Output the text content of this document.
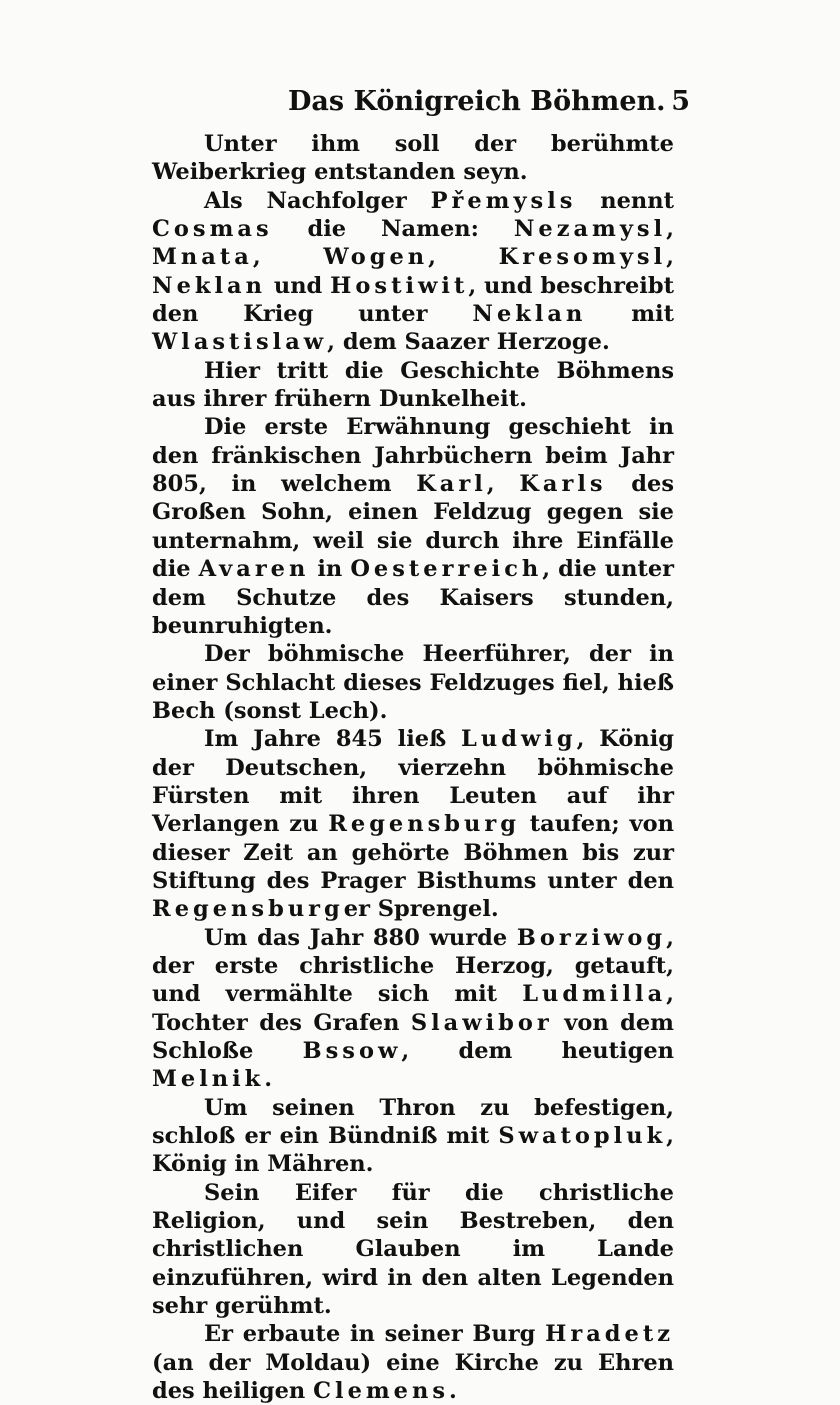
Das Königreich Böhmen. 5

Unter ihm soll der berühmte Weiberkrieg entstanden seyn.

Als Nachfolger Přemysls nennt Cosmas die Namen: Nezamysl, Mnata, Wogen, Kresomysl, Neklan und Hostiwit, und beschreibt den Krieg unter Neklan mit Wlastislaw, dem Saazer Herzoge.

Hier tritt die Geschichte Böhmens aus ihrer frühern Dunkelheit.

Die erste Erwähnung geschieht in den fränkischen Jahrbüchern beim Jahr 805, in welchem Karl, Karls des Großen Sohn, einen Feldzug gegen sie unternahm, weil sie durch ihre Einfälle die Avaren in Oesterreich, die unter dem Schutze des Kaisers stunden, beunruhigten.

Der böhmische Heerführer, der in einer Schlacht dieses Feldzuges fiel, hieß Bech (sonst Lech).

Im Jahre 845 ließ Ludwig, König der Deutschen, vierzehn böhmische Fürsten mit ihren Leuten auf ihr Verlangen zu Regensburg taufen; von dieser Zeit an gehörte Böhmen bis zur Stiftung des Prager Bisthums unter den Regensburger Sprengel.

Um das Jahr 880 wurde Borziwog, der erste christliche Herzog, getauft, und vermählte sich mit Ludmilla, Tochter des Grafen Slawibor von dem Schloße Bssow, dem heutigen Melnik.

Um seinen Thron zu befestigen, schloß er ein Bündniß mit Swatopluk, König in Mähren.

Sein Eifer für die christliche Religion, und sein Bestreben, den christlichen Glauben im Lande einzuführen, wird in den alten Legenden sehr gerühmt.

Er erbaute in seiner Burg Hradetz (an der Moldau) eine Kirche zu Ehren des heiligen Clemens.
